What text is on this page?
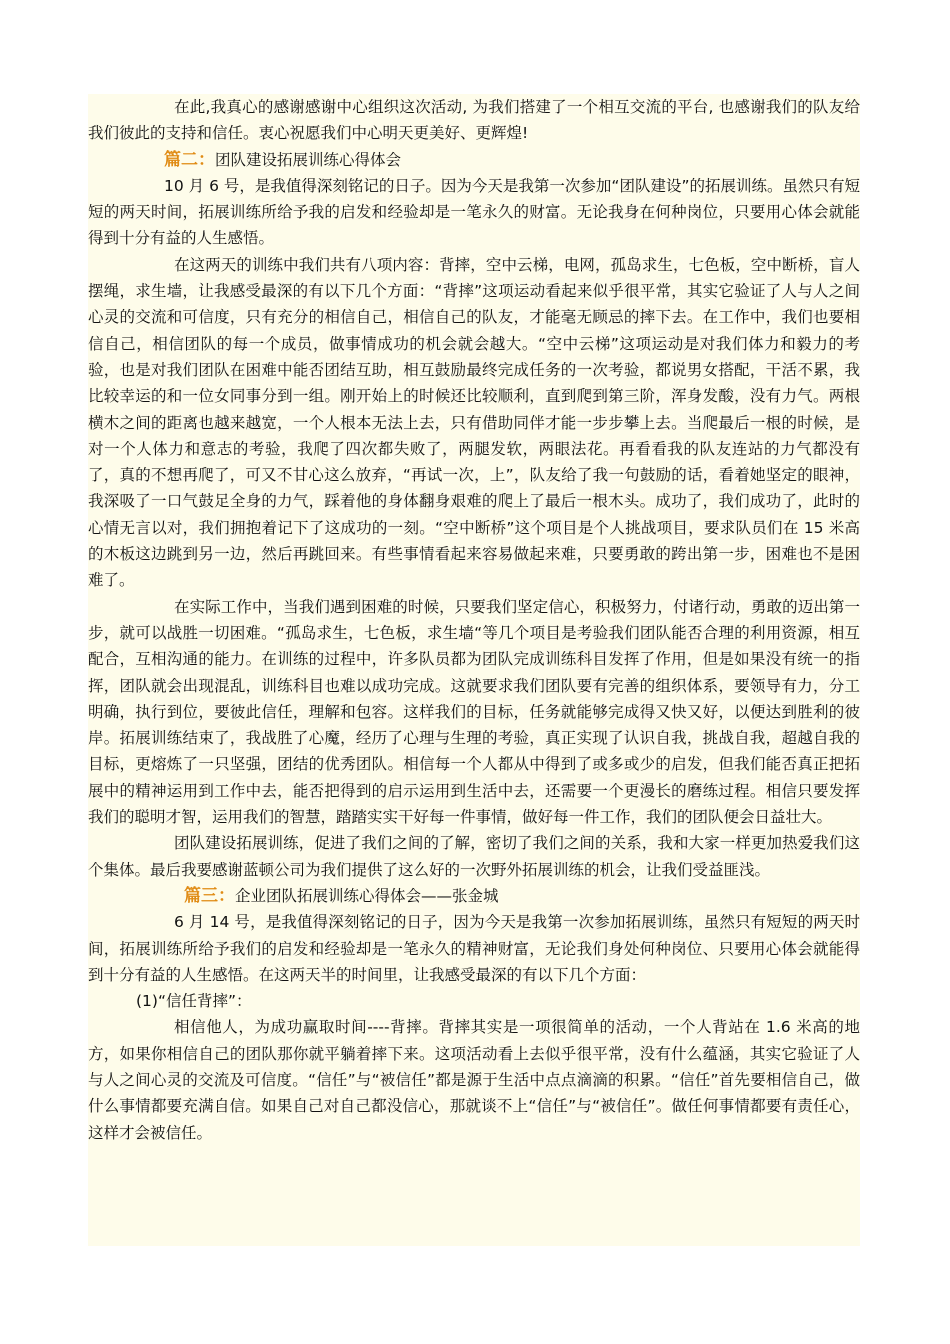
在此,我真心的感谢感谢中心组织这次活动, 为我们搭建了一个相互交流的平台, 也感谢我们的队友给我们彼此的支持和信任。衷心祝愿我们中心明天更美好、更辉煌!

篇二：团队建设拓展训练心得体会

10 月 6 号，是我值得深刻铭记的日子。因为今天是我第一次参加“团队建设”的拓展训练。虽然只有短短的两天时间，拓展训练所给予我的启发和经验却是一笔永久的财富。无论我身在何种岗位，只要用心体会就能得到十分有益的人生感悟。

在这两天的训练中我们共有八项内容：背摔，空中云梯，电网，孤岛求生，七色板，空中断桥，盲人摆绳，求生墙，让我感受最深的有以下几个方面：“背摔”这项运动看起来似乎很平常，其实它验证了人与人之间心灵的交流和可信度，只有充分的相信自己，相信自己的队友，才能毫无顾忌的摔下去。在工作中，我们也要相信自己，相信团队的每一个成员，做事情成功的机会就会越大。“空中云梯”这项运动是对我们体力和毅力的考验，也是对我们团队在困难中能否团结互助，相互鼓励最终完成任务的一次考验，都说男女搭配，干活不累，我比较幸运的和一位女同事分到一组。刚开始上的时候还比较顺利，直到爬到第三阶，浑身发酸，没有力气。两根横木之间的距离也越来越宽，一个人根本无法上去，只有借助同伴才能一步步攀上去。当爬最后一根的时候，是对一个人体力和意志的考验，我爬了四次都失败了，两腿发软，两眼法花。再看看我的队友连站的力气都没有了，真的不想再爬了，可又不甘心这么放弃，“再试一次，上”，队友给了我一句鼓励的话，看着她坚定的眼神，我深吸了一口气鼓足全身的力气，踩着他的身体翻身艰难的爬上了最后一根木头。成功了，我们成功了，此时的心情无言以对，我们拥抱着记下了这成功的一刻。“空中断桥”这个项目是个人挑战项目，要求队员们在 15 米高的木板这边跳到另一边，然后再跳回来。有些事情看起来容易做起来难，只要勇敢的跨出第一步，困难也不是困难了。

在实际工作中，当我们遇到困难的时候，只要我们坚定信心，积极努力，付诸行动，勇敢的迈出第一步，就可以战胜一切困难。“孤岛求生，七色板，求生墙“等几个项目是考验我们团队能否合理的利用资源，相互配合，互相沟通的能力。在训练的过程中，许多队员都为团队完成训练科目发挥了作用，但是如果没有统一的指挥，团队就会出现混乱，训练科目也难以成功完成。这就要求我们团队要有完善的组织体系，要领导有力，分工明确，执行到位，要彼此信任，理解和包容。这样我们的目标，任务就能够完成得又快又好，以便达到胜利的彼岸。拓展训练结束了，我战胜了心魔，经历了心理与生理的考验，真正实现了认识自我，挑战自我，超越自我的目标，更熔炼了一只坚强，团结的优秀团队。相信每一个人都从中得到了或多或少的启发，但我们能否真正把拓展中的精神运用到工作中去，能否把得到的启示运用到生活中去，还需要一个更漫长的磨练过程。相信只要发挥我们的聪明才智，运用我们的智慧，踏踏实实干好每一件事情，做好每一件工作，我们的团队便会日益壮大。

团队建设拓展训练，促进了我们之间的了解，密切了我们之间的关系，我和大家一样更加热爱我们这个集体。最后我要感谢蓝顿公司为我们提供了这么好的一次野外拓展训练的机会，让我们受益匪浅。

篇三：企业团队拓展训练心得体会——张金城

6 月 14 号，是我值得深刻铭记的日子，因为今天是我第一次参加拓展训练，虽然只有短短的两天时间，拓展训练所给予我们的启发和经验却是一笔永久的精神财富，无论我们身处何种岗位、只要用心体会就能得到十分有益的人生感悟。在这两天半的时间里，让我感受最深的有以下几个方面：

(1)“信任背摔”：

相信他人，为成功赢取时间----背摔。背摔其实是一项很简单的活动，一个人背站在 1.6 米高的地方，如果你相信自己的团队那你就平躺着摔下来。这项活动看上去似乎很平常，没有什么蕴涵，其实它验证了人与人之间心灵的交流及可信度。“信任”与“被信任”都是源于生活中点点滴滴的积累。“信任”首先要相信自己，做什么事情都要充满自信。如果自己对自己都没信心，那就谈不上“信任”与“被信任”。做任何事情都要有责任心，这样才会被信任。
